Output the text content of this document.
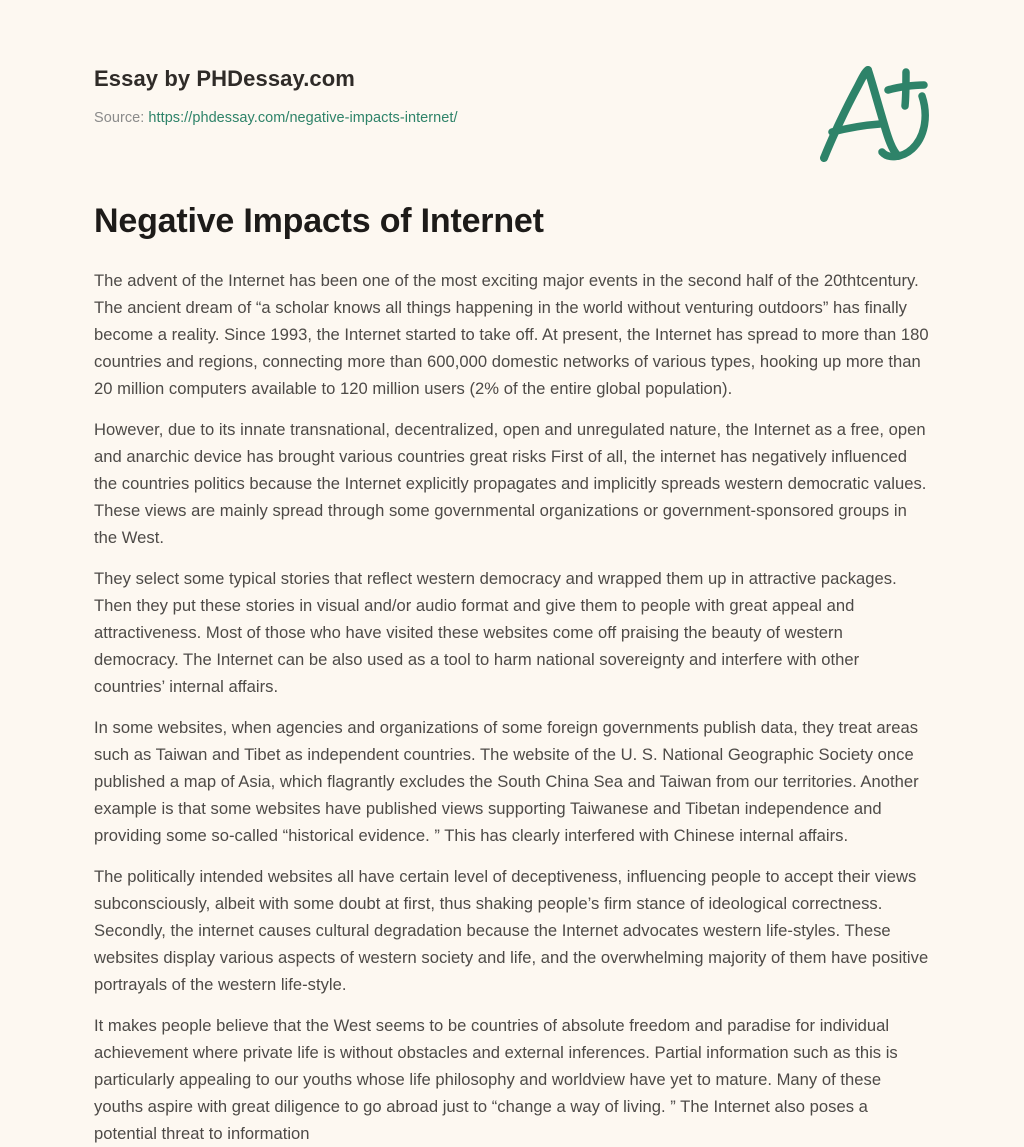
Essay by PHDessay.com
Source: https://phdessay.com/negative-impacts-internet/
Negative Impacts of Internet

The advent of the Internet has been one of the most exciting major events in the second half of the 20thtcentury. The ancient dream of “a scholar knows all things happening in the world without venturing outdoors” has finally become a reality. Since 1993, the Internet started to take off. At present, the Internet has spread to more than 180 countries and regions, connecting more than 600,000 domestic networks of various types, hooking up more than 20 million computers available to 120 million users (2% of the entire global population).

However, due to its innate transnational, decentralized, open and unregulated nature, the Internet as a free, open and anarchic device has brought various countries great risks First of all, the internet has negatively influenced the countries politics because the Internet explicitly propagates and implicitly spreads western democratic values. These views are mainly spread through some governmental organizations or government-sponsored groups in the West.

They select some typical stories that reflect western democracy and wrapped them up in attractive packages. Then they put these stories in visual and/or audio format and give them to people with great appeal and attractiveness. Most of those who have visited these websites come off praising the beauty of western democracy. The Internet can be also used as a tool to harm national sovereignty and interfere with other countries’ internal affairs.

In some websites, when agencies and organizations of some foreign governments publish data, they treat areas such as Taiwan and Tibet as independent countries. The website of the U. S. National Geographic Society once published a map of Asia, which flagrantly excludes the South China Sea and Taiwan from our territories. Another example is that some websites have published views supporting Taiwanese and Tibetan independence and providing some so-called “historical evidence. ” This has clearly interfered with Chinese internal affairs.

The politically intended websites all have certain level of deceptiveness, influencing people to accept their views subconsciously, albeit with some doubt at first, thus shaking people’s firm stance of ideological correctness. Secondly, the internet causes cultural degradation because the Internet advocates western life-styles. These websites display various aspects of western society and life, and the overwhelming majority of them have positive portrayals of the western life-style.

It makes people believe that the West seems to be countries of absolute freedom and paradise for individual achievement where private life is without obstacles and external inferences. Partial information such as this is particularly appealing to our youths whose life philosophy and worldview have yet to mature. Many of these youths aspire with great diligence to go abroad just to “change a way of living. ” The Internet also poses a potential threat to information
